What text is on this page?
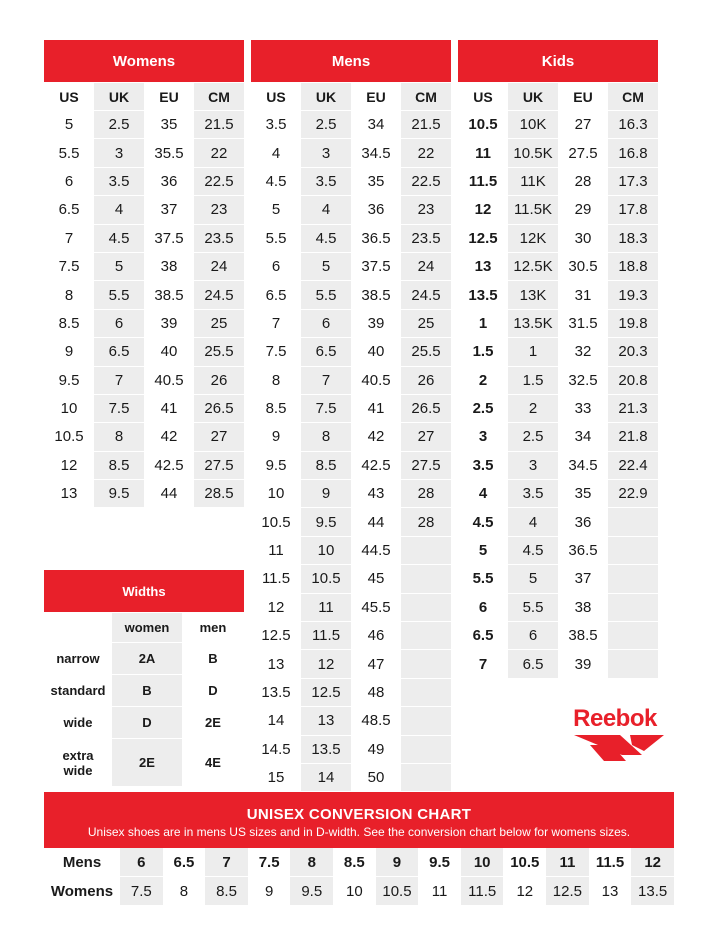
Womens			
US	UK	EU	CM
5	2.5	35	21.5
5.5	3	35.5	22
6	3.5	36	22.5
6.5	4	37	23
7	4.5	37.5	23.5
7.5	5	38	24
8	5.5	38.5	24.5
8.5	6	39	25
9	6.5	40	25.5
9.5	7	40.5	26
10	7.5	41	26.5
10.5	8	42	27
12	8.5	42.5	27.5
13	9.5	44	28.5
Mens			
US	UK	EU	CM
3.5	2.5	34	21.5
4	3	34.5	22
4.5	3.5	35	22.5
5	4	36	23
5.5	4.5	36.5	23.5
6	5	37.5	24
6.5	5.5	38.5	24.5
7	6	39	25
7.5	6.5	40	25.5
8	7	40.5	26
8.5	7.5	41	26.5
9	8	42	27
9.5	8.5	42.5	27.5
10	9	43	28
10.5	9.5	44	28
11	10	44.5	
11.5	10.5	45	
12	11	45.5	
12.5	11.5	46	
13	12	47	
13.5	12.5	48	
14	13	48.5	
14.5	13.5	49	
15	14	50	
Kids			
US	UK	EU	CM
10.5	10K	27	16.3
11	10.5K	27.5	16.8
11.5	11K	28	17.3
12	11.5K	29	17.8
12.5	12K	30	18.3
13	12.5K	30.5	18.8
13.5	13K	31	19.3
1	13.5K	31.5	19.8
1.5	1	32	20.3
2	1.5	32.5	20.8
2.5	2	33	21.3
3	2.5	34	21.8
3.5	3	34.5	22.4
4	3.5	35	22.9
4.5	4	36	
5	4.5	36.5	
5.5	5	37	
6	5.5	38	
6.5	6	38.5	
7	6.5	39	
Widths		
	women	men

narrow	2A	B

standard	B	D

wide	D	2E

extra
wide	2E	4E
Reebok
UNISEX CONVERSION CHART
Unisex shoes are in mens US sizes and in D-width. See the conversion chart below for womens sizes.
Mens	6	6.5	7	7.5	8	8.5	9	9.5	10	10.5	11	11.5	12
Womens	7.5	8	8.5	9	9.5	10	10.5	11	11.5	12	12.5	13	13.5
